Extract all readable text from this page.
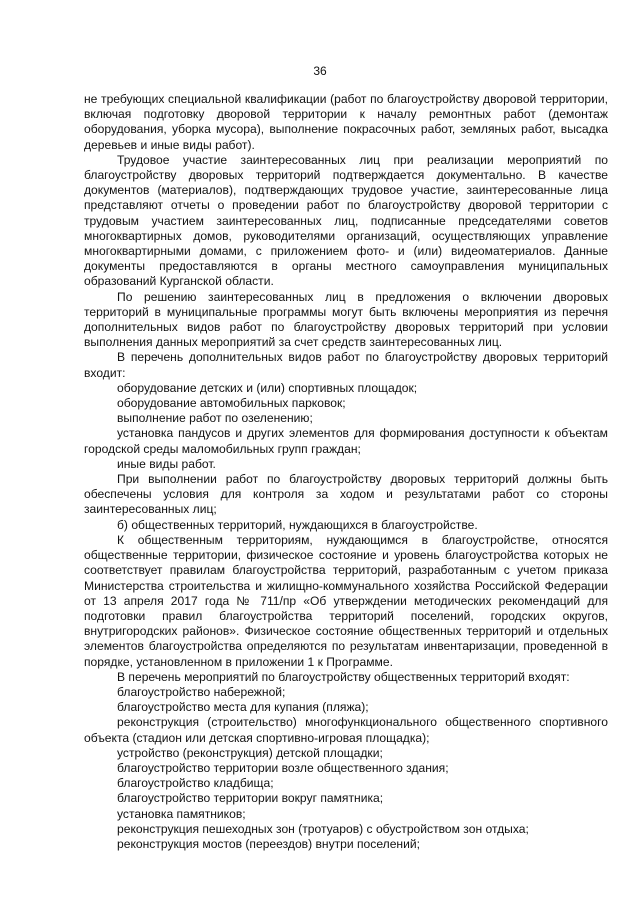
36

не требующих специальной квалификации (работ по благоустройству дворовой территории, включая подготовку дворовой территории к началу ремонтных работ (демонтаж оборудования, уборка мусора), выполнение покрасочных работ, земляных работ, высадка деревьев и иные виды работ).

Трудовое участие заинтересованных лиц при реализации мероприятий по благоустройству дворовых территорий подтверждается документально. В качестве документов (материалов), подтверждающих трудовое участие, заинтересованные лица представляют отчеты о проведении работ по благоустройству дворовой территории с трудовым участием заинтересованных лиц, подписанные председателями советов многоквартирных домов, руководителями организаций, осуществляющих управление многоквартирными домами, с приложением фото- и (или) видеоматериалов. Данные документы предоставляются в органы местного самоуправления муниципальных образований Курганской области.

По решению заинтересованных лиц в предложения о включении дворовых территорий в муниципальные программы могут быть включены мероприятия из перечня дополнительных видов работ по благоустройству дворовых территорий при условии выполнения данных мероприятий за счет средств заинтересованных лиц.

В перечень дополнительных видов работ по благоустройству дворовых территорий входит:

оборудование детских и (или) спортивных площадок;

оборудование автомобильных парковок;

выполнение работ по озеленению;

установка пандусов и других элементов для формирования доступности к объектам городской среды маломобильных групп граждан;

иные виды работ.

При выполнении работ по благоустройству дворовых территорий должны быть обеспечены условия для контроля за ходом и результатами работ со стороны заинтересованных лиц;

б) общественных территорий, нуждающихся в благоустройстве.

К общественным территориям, нуждающимся в благоустройстве, относятся общественные территории, физическое состояние и уровень благоустройства которых не соответствует правилам благоустройства территорий, разработанным с учетом приказа Министерства строительства и жилищно-коммунального хозяйства Российской Федерации от 13 апреля 2017 года № 711/пр «Об утверждении методических рекомендаций для подготовки правил благоустройства территорий поселений, городских округов, внутригородских районов». Физическое состояние общественных территорий и отдельных элементов благоустройства определяются по результатам инвентаризации, проведенной в порядке, установленном в приложении 1 к Программе.

В перечень мероприятий по благоустройству общественных территорий входят:

благоустройство набережной;

благоустройство места для купания (пляжа);

реконструкция (строительство) многофункционального общественного спортивного объекта (стадион или детская спортивно-игровая площадка);

устройство (реконструкция) детской площадки;

благоустройство территории возле общественного здания;

благоустройство кладбища;

благоустройство территории вокруг памятника;

установка памятников;

реконструкция пешеходных зон (тротуаров) с обустройством зон отдыха;

реконструкция мостов (переездов) внутри поселений;
